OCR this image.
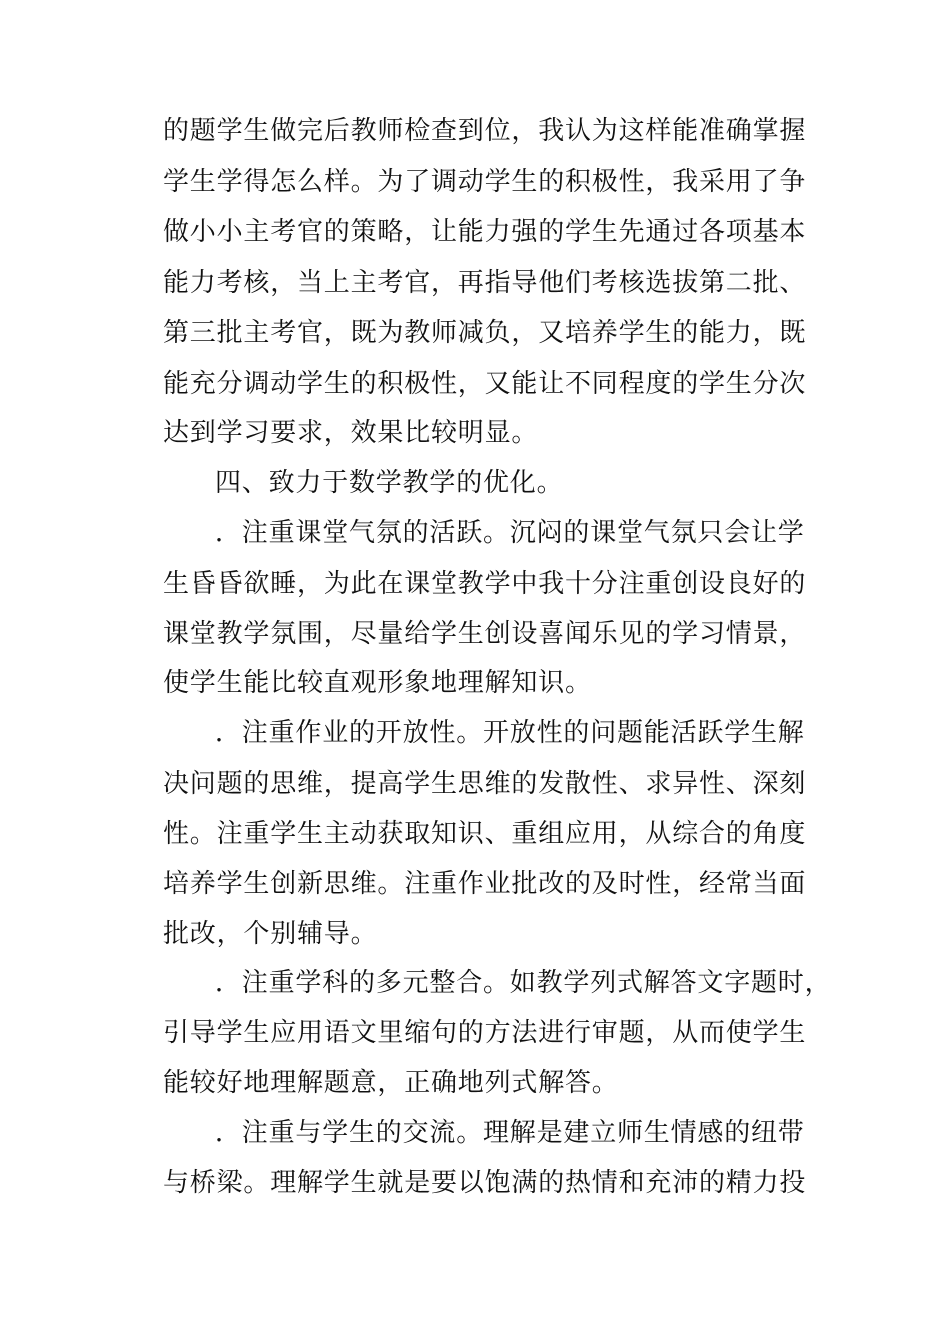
的题学生做完后教师检查到位，我认为这样能准确掌握
学生学得怎么样。为了调动学生的积极性，我采用了争
做小小主考官的策略，让能力强的学生先通过各项基本
能力考核，当上主考官，再指导他们考核选拔第二批、
第三批主考官，既为教师减负，又培养学生的能力，既
能充分调动学生的积极性，又能让不同程度的学生分次
达到学习要求，效果比较明显。
四、致力于数学教学的优化。
．注重课堂气氛的活跃。沉闷的课堂气氛只会让学
生昏昏欲睡，为此在课堂教学中我十分注重创设良好的
课堂教学氛围，尽量给学生创设喜闻乐见的学习情景，
使学生能比较直观形象地理解知识。
．注重作业的开放性。开放性的问题能活跃学生解
决问题的思维，提高学生思维的发散性、求异性、深刻
性。注重学生主动获取知识、重组应用，从综合的角度
培养学生创新思维。注重作业批改的及时性，经常当面
批改，个别辅导。
．注重学科的多元整合。如教学列式解答文字题时，
引导学生应用语文里缩句的方法进行审题，从而使学生
能较好地理解题意，正确地列式解答。
．注重与学生的交流。理解是建立师生情感的纽带
与桥梁。理解学生就是要以饱满的热情和充沛的精力投
